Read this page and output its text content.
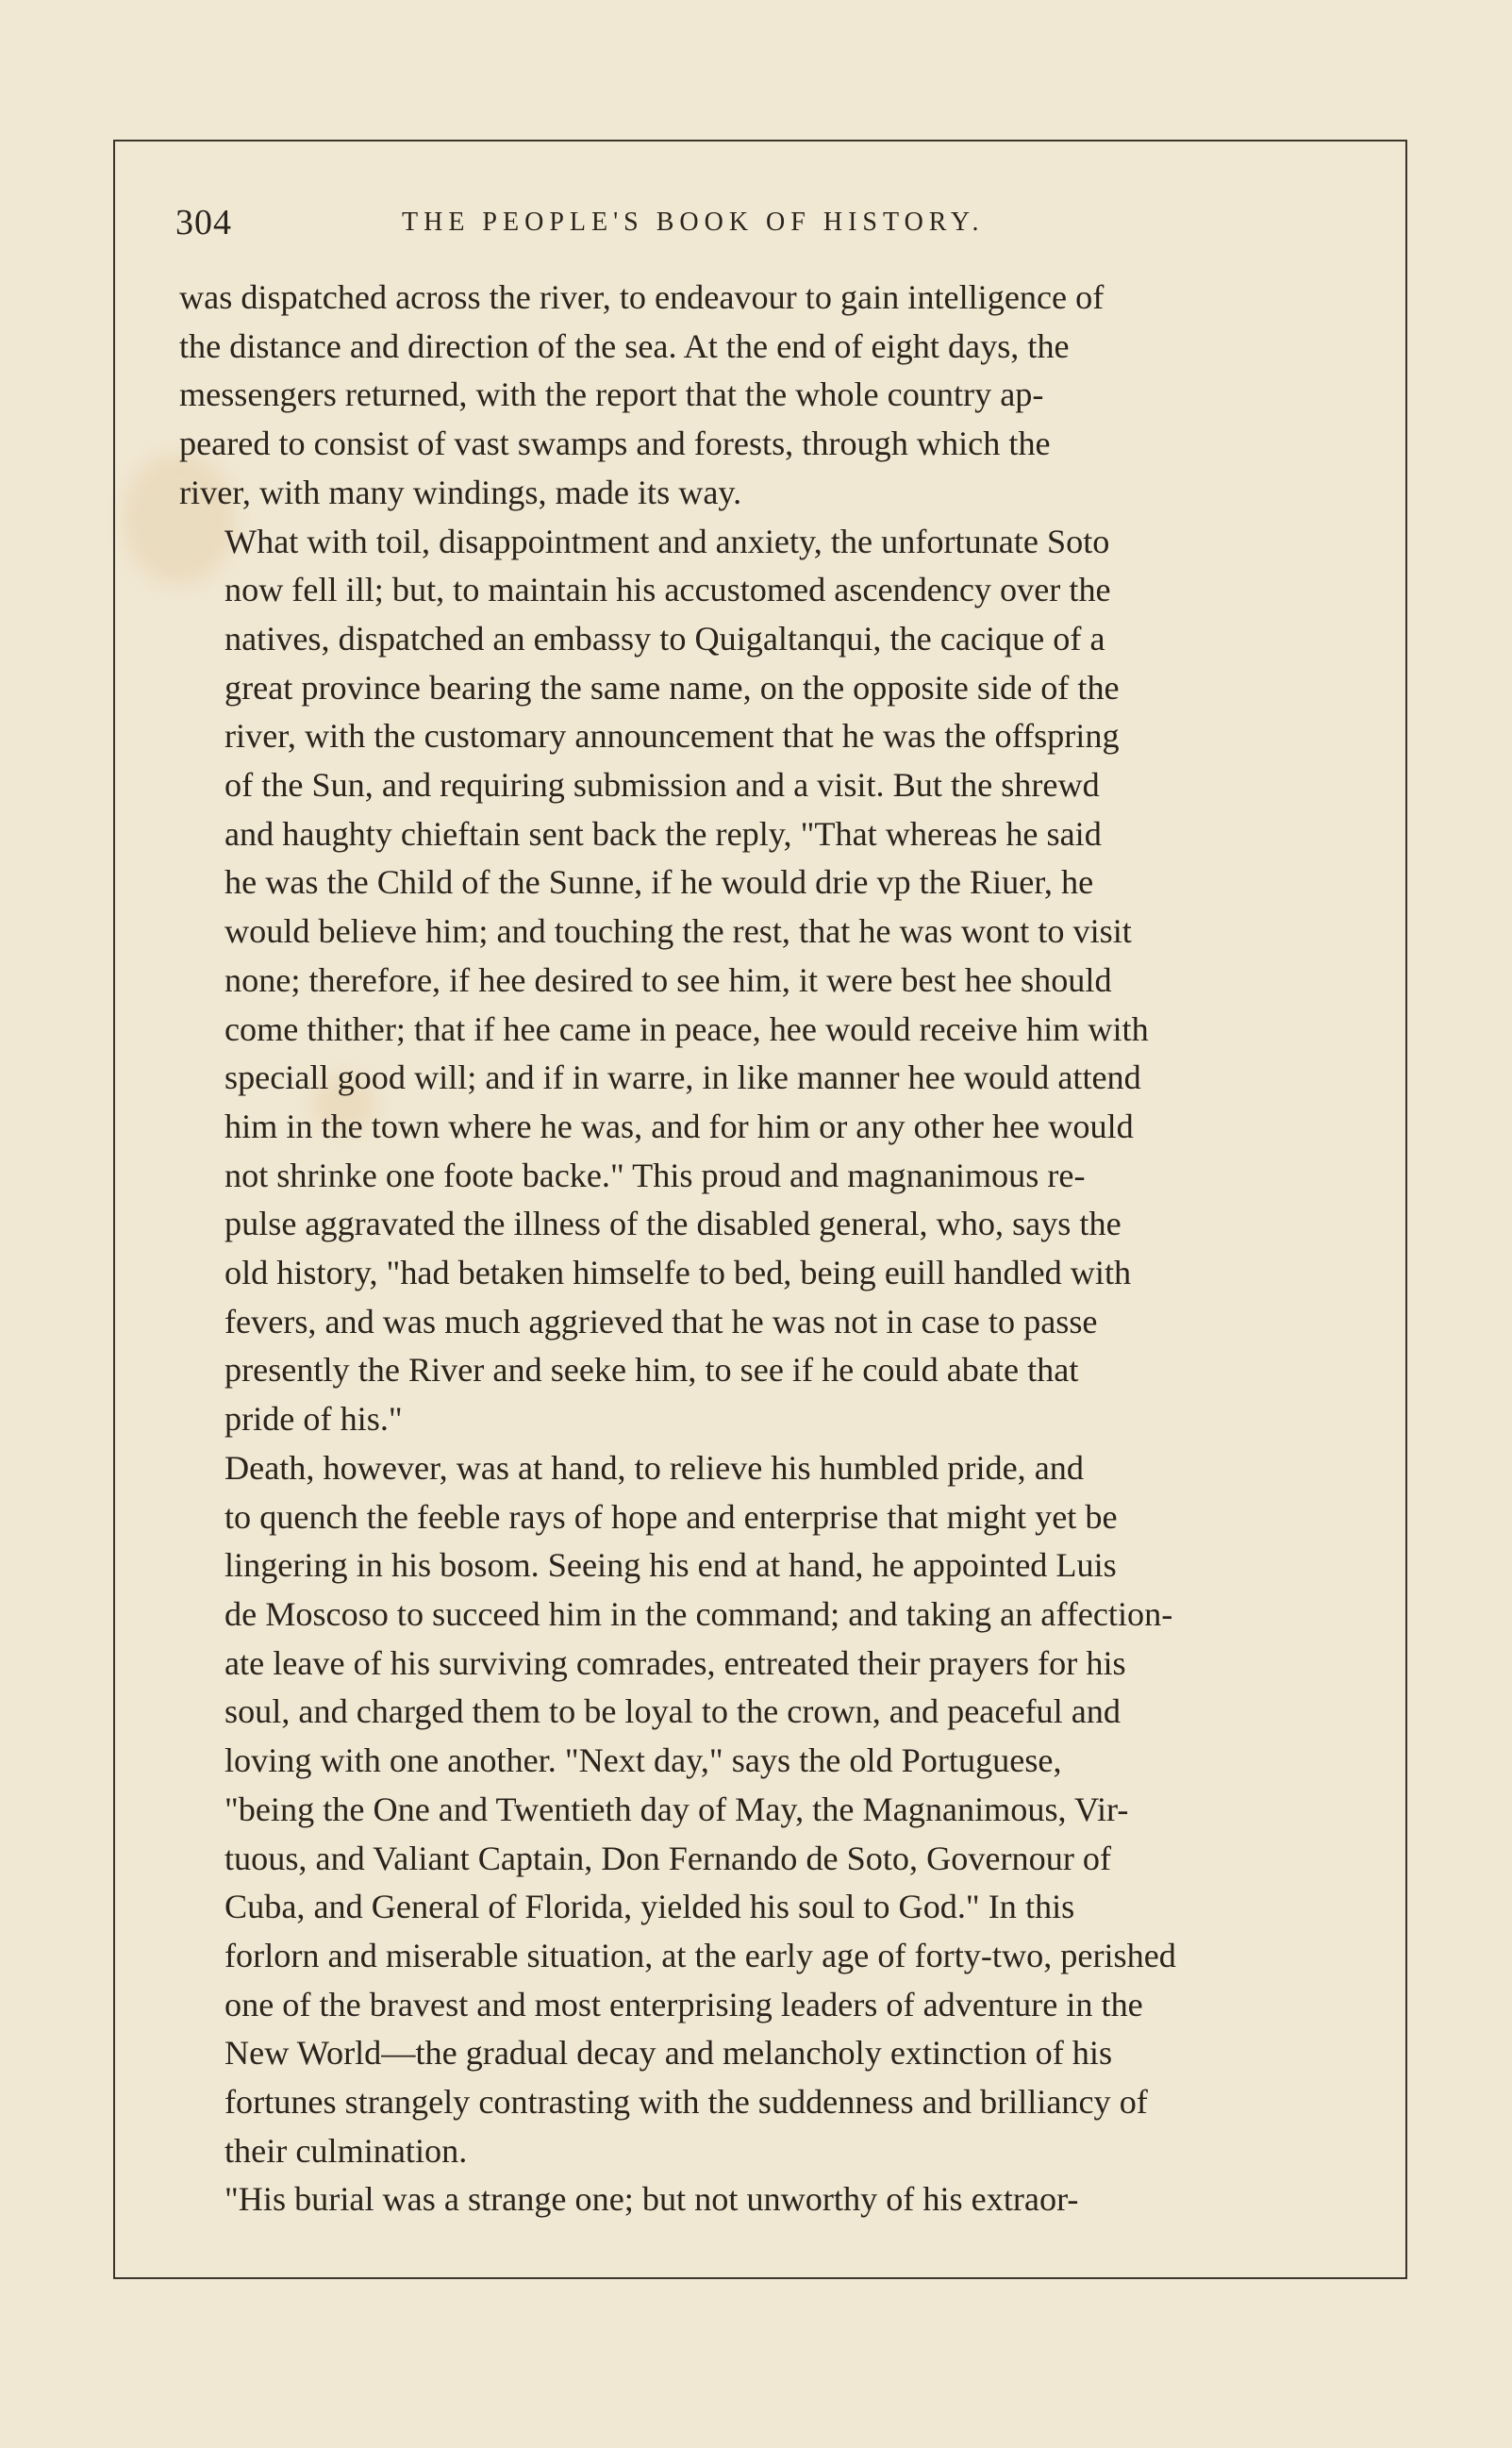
304	THE PEOPLE'S BOOK OF HISTORY.

was dispatched across the river, to endeavour to gain intelligence of
the distance and direction of the sea. At the end of eight days, the
messengers returned, with the report that the whole country ap-
peared to consist of vast swamps and forests, through which the
river, with many windings, made its way.

What with toil, disappointment and anxiety, the unfortunate Soto
now fell ill; but, to maintain his accustomed ascendency over the
natives, dispatched an embassy to Quigaltanqui, the cacique of a
great province bearing the same name, on the opposite side of the
river, with the customary announcement that he was the offspring
of the Sun, and requiring submission and a visit. But the shrewd
and haughty chieftain sent back the reply, "That whereas he said
he was the Child of the Sunne, if he would drie vp the Riuer, he
would believe him; and touching the rest, that he was wont to visit
none; therefore, if hee desired to see him, it were best hee should
come thither; that if hee came in peace, hee would receive him with
speciall good will; and if in warre, in like manner hee would attend
him in the town where he was, and for him or any other hee would
not shrinke one foote backe." This proud and magnanimous re-
pulse aggravated the illness of the disabled general, who, says the
old history, "had betaken himselfe to bed, being euill handled with
fevers, and was much aggrieved that he was not in case to passe
presently the River and seeke him, to see if he could abate that
pride of his."

Death, however, was at hand, to relieve his humbled pride, and
to quench the feeble rays of hope and enterprise that might yet be
lingering in his bosom. Seeing his end at hand, he appointed Luis
de Moscoso to succeed him in the command; and taking an affection-
ate leave of his surviving comrades, entreated their prayers for his
soul, and charged them to be loyal to the crown, and peaceful and
loving with one another. "Next day," says the old Portuguese,
"being the One and Twentieth day of May, the Magnanimous, Vir-
tuous, and Valiant Captain, Don Fernando de Soto, Governour of
Cuba, and General of Florida, yielded his soul to God." In this
forlorn and miserable situation, at the early age of forty-two, perished
one of the bravest and most enterprising leaders of adventure in the
New World—the gradual decay and melancholy extinction of his
fortunes strangely contrasting with the suddenness and brilliancy of
their culmination.

"His burial was a strange one; but not unworthy of his extraor-
